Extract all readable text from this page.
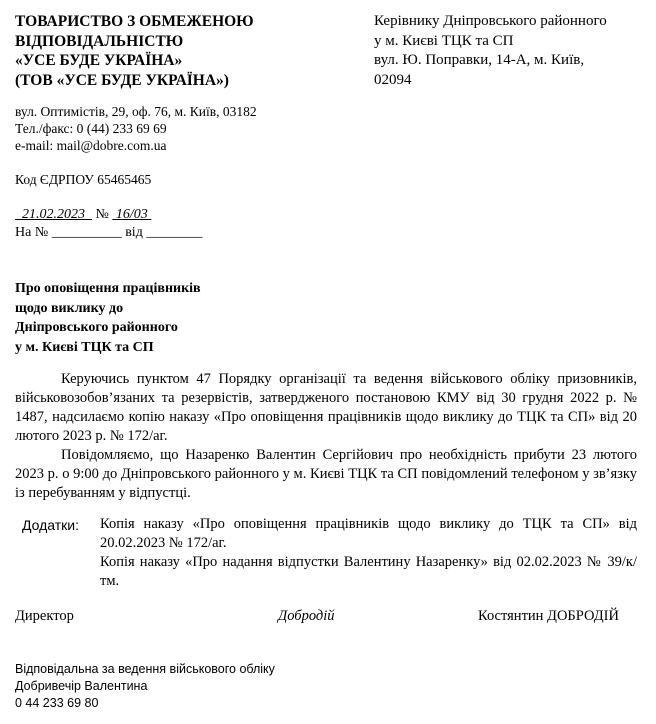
ТОВАРИСТВО З ОБМЕЖЕНОЮ
ВІДПОВІДАЛЬНІСТЮ
«УСЕ БУДЕ УКРАЇНА»
(ТОВ «УСЕ БУДЕ УКРАЇНА»)
Керівнику Дніпровського районного
у м. Києві ТЦК та СП
вул. Ю. Поправки, 14-А, м. Київ,
02094
вул. Оптимістів, 29, оф. 76, м. Київ, 03182
Тел./факс: 0 (44) 233 69 69
e-mail: mail@dobre.com.ua
Код ЄДРПОУ 65465465
21.02.2023   №  16/03
На № __________ від ________
Про оповіщення працівників
щодо виклику до
Дніпровського районного
у м. Києві ТЦК та СП

Керуючись пунктом 47 Порядку організації та ведення військового обліку призовників, військовозобов’язаних та резервістів, затвердженого постановою КМУ від 30 грудня 2022 р. № 1487, надсилаємо копію наказу «Про оповіщення працівників щодо виклику до ТЦК та СП» від 20 лютого 2023 р. № 172/аг.

Повідомляємо, що Назаренко Валентин Сергійович про необхідність прибути 23 лютого 2023 р. о 9:00 до Дніпровського районного у м. Києві ТЦК та СП повідомлений телефоном у зв’язку із перебуванням у відпустці.

Додатки: Копія наказу «Про оповіщення працівників щодо виклику до ТЦК та СП» від 20.02.2023 № 172/аг.
Копія наказу «Про надання відпустки Валентину Назаренку» від 02.02.2023 № 39/к/тм.
Директор	Добродій	Костянтин ДОБРОДІЙ
Відповідальна за ведення військового обліку
Добривечір Валентина
0 44 233 69 80
